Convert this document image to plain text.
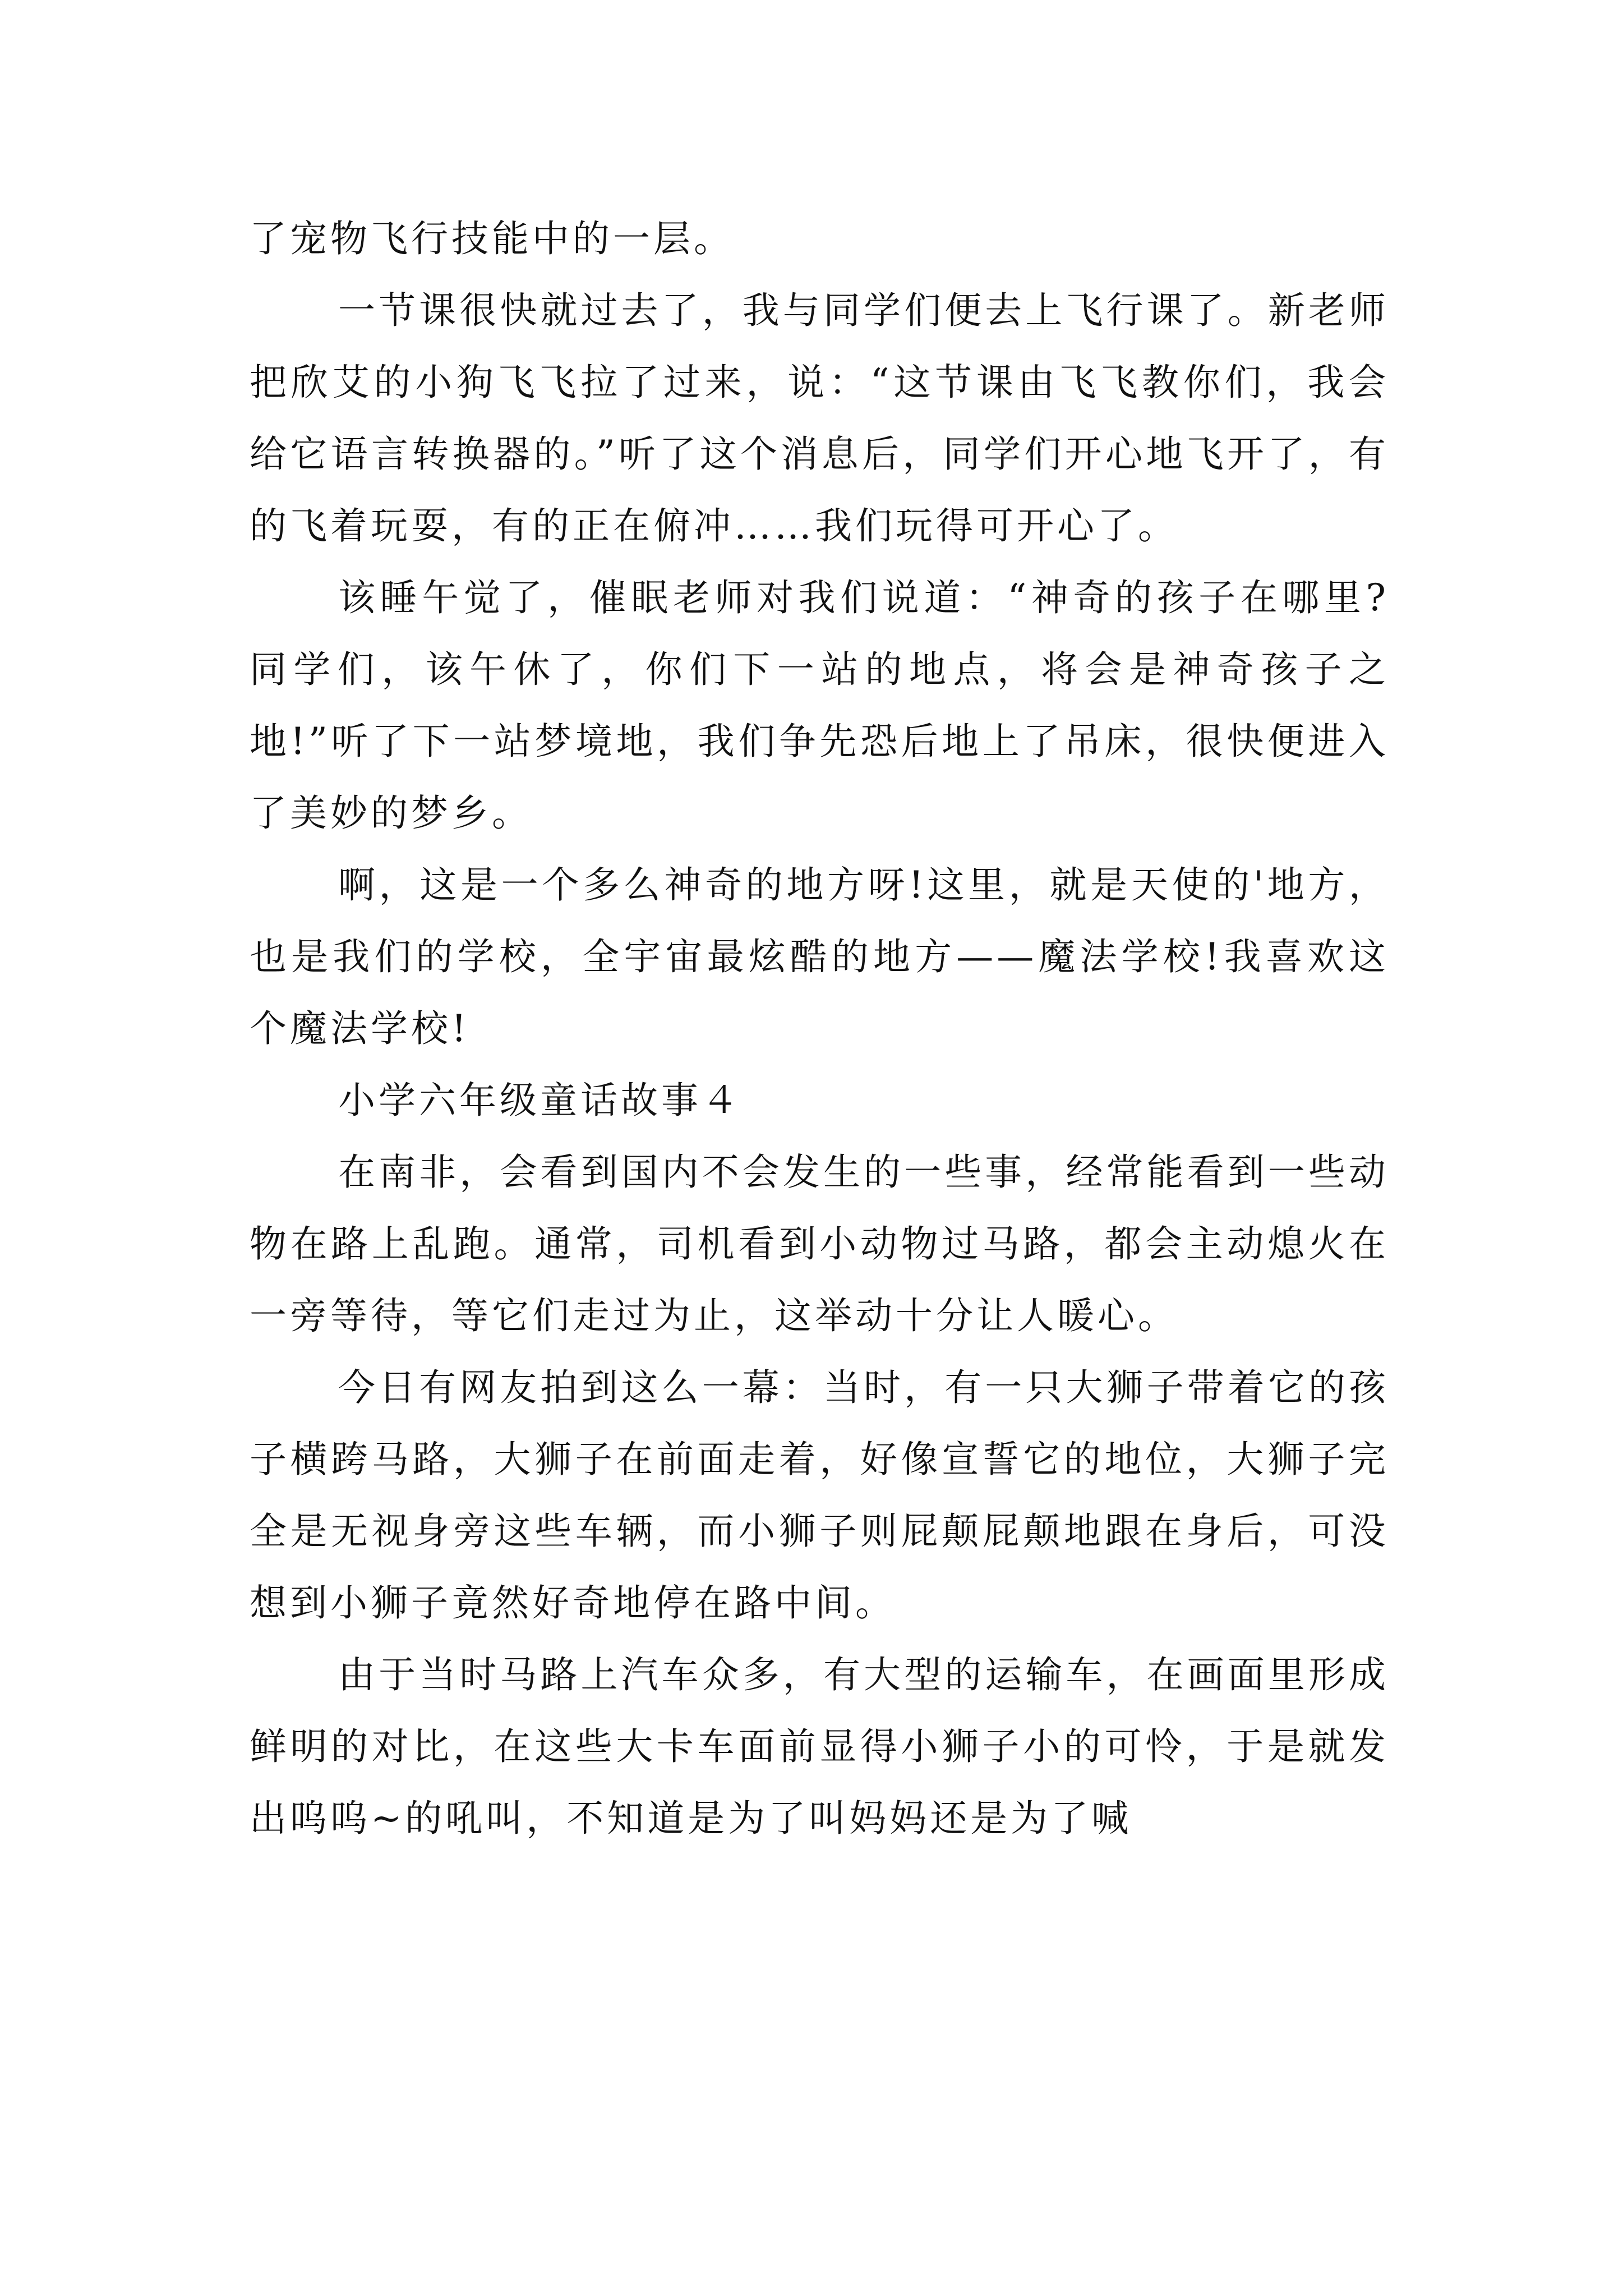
了宠物飞行技能中的一层。

一节课很快就过去了，我与同学们便去上飞行课了。新老师把欣艾的小狗飞飞拉了过来，说：“这节课由飞飞教你们，我会给它语言转换器的。”听了这个消息后，同学们开心地飞开了，有的飞着玩耍，有的正在俯冲……我们玩得可开心了。

该睡午觉了，催眠老师对我们说道：“神奇的孩子在哪里?同学们，该午休了，你们下一站的地点，将会是神奇孩子之地!”听了下一站梦境地，我们争先恐后地上了吊床，很快便进入了美妙的梦乡。

啊，这是一个多么神奇的地方呀!这里，就是天使的'地方，也是我们的学校，全宇宙最炫酷的地方——魔法学校!我喜欢这个魔法学校!

小学六年级童话故事４

在南非，会看到国内不会发生的一些事，经常能看到一些动物在路上乱跑。通常，司机看到小动物过马路，都会主动熄火在一旁等待，等它们走过为止，这举动十分让人暖心。

今日有网友拍到这么一幕：当时，有一只大狮子带着它的孩子横跨马路，大狮子在前面走着，好像宣誓它的地位，大狮子完全是无视身旁这些车辆，而小狮子则屁颠屁颠地跟在身后，可没想到小狮子竟然好奇地停在路中间。

由于当时马路上汽车众多，有大型的运输车，在画面里形成鲜明的对比，在这些大卡车面前显得小狮子小的可怜，于是就发出呜呜~的吼叫，不知道是为了叫妈妈还是为了喊
